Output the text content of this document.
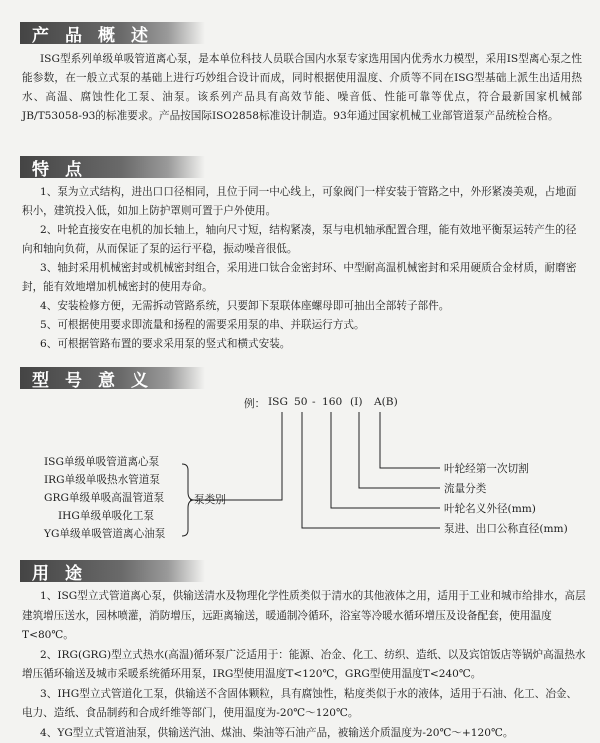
产品概述
ISG型系列单级单吸管道离心泵，是本单位科技人员联合国内水泵专家选用国内优秀水力模型，采用IS型离心泵之性能参数，在一般立式泵的基础上进行巧妙组合设计而成，同时根据使用温度、介质等不同在ISG型基础上派生出适用热水、高温、腐蚀性化工泵、油泵。该系列产品具有高效节能、噪音低、性能可靠等优点，符合最新国家机械部JB/T53058-93的标准要求。产品按国际ISO2858标准设计制造。93年通过国家机械工业部管道泵产品统检合格。
特点

1、泵为立式结构，进出口口径相同，且位于同一中心线上，可象阀门一样安装于管路之中，外形紧凑美观，占地面积小，建筑投入低，如加上防护罩则可置于户外使用。

2、叶轮直接安在电机的加长轴上，轴向尺寸短，结构紧凑，泵与电机轴承配置合理，能有效地平衡泵运转产生的径向和轴向负荷，从而保证了泵的运行平稳，振动噪音很低。

3、轴封采用机械密封或机械密封组合，采用进口钛合金密封环、中型耐高温机械密封和采用硬质合金材质，耐磨密封，能有效地增加机械密封的使用寿命。

4、安装检修方便，无需拆动管路系统，只要卸下泵联体座螺母即可抽出全部转子部件。

5、可根据使用要求即流量和扬程的需要采用泵的串、并联运行方式。

6、可根据管路布置的要求采用泵的竖式和横式安装。

型号意义
例： ISG 50 - 160 (I) A(B)
ISG单级单吸管道离心泵
IRG单级单吸热水管道泵
GRG单级单吸高温管道泵
IHG单级单吸化工泵
YG单级单吸管道离心油泵
泵类别
叶轮经第一次切割
流量分类
叶轮名义外径(mm)
泵进、出口公称直径(mm)
用途

1、ISG型立式管道离心泵，供输送清水及物理化学性质类似于清水的其他液体之用，适用于工业和城市给排水，高层建筑增压送水，园林喷灌，消防增压，远距离输送，暖通制冷循环，浴室等冷暖水循环增压及设备配套，使用温度T<80℃。

2、IRG(GRG)型立式热水(高温)循环泵广泛适用于：能源、冶金、化工、纺织、造纸、以及宾馆饭店等锅炉高温热水增压循环输送及城市采暖系统循环用泵，IRG型使用温度T<120℃，GRG型使用温度T<240℃。

3、IHG型立式管道化工泵，供输送不含固体颗粒，具有腐蚀性，粘度类似于水的液体，适用于石油、化工、冶金、电力、造纸、食品制药和合成纤维等部门，使用温度为-20℃～120℃。

4、YG型立式管道油泵，供输送汽油、煤油、柴油等石油产品，被输送介质温度为-20℃～+120℃。
